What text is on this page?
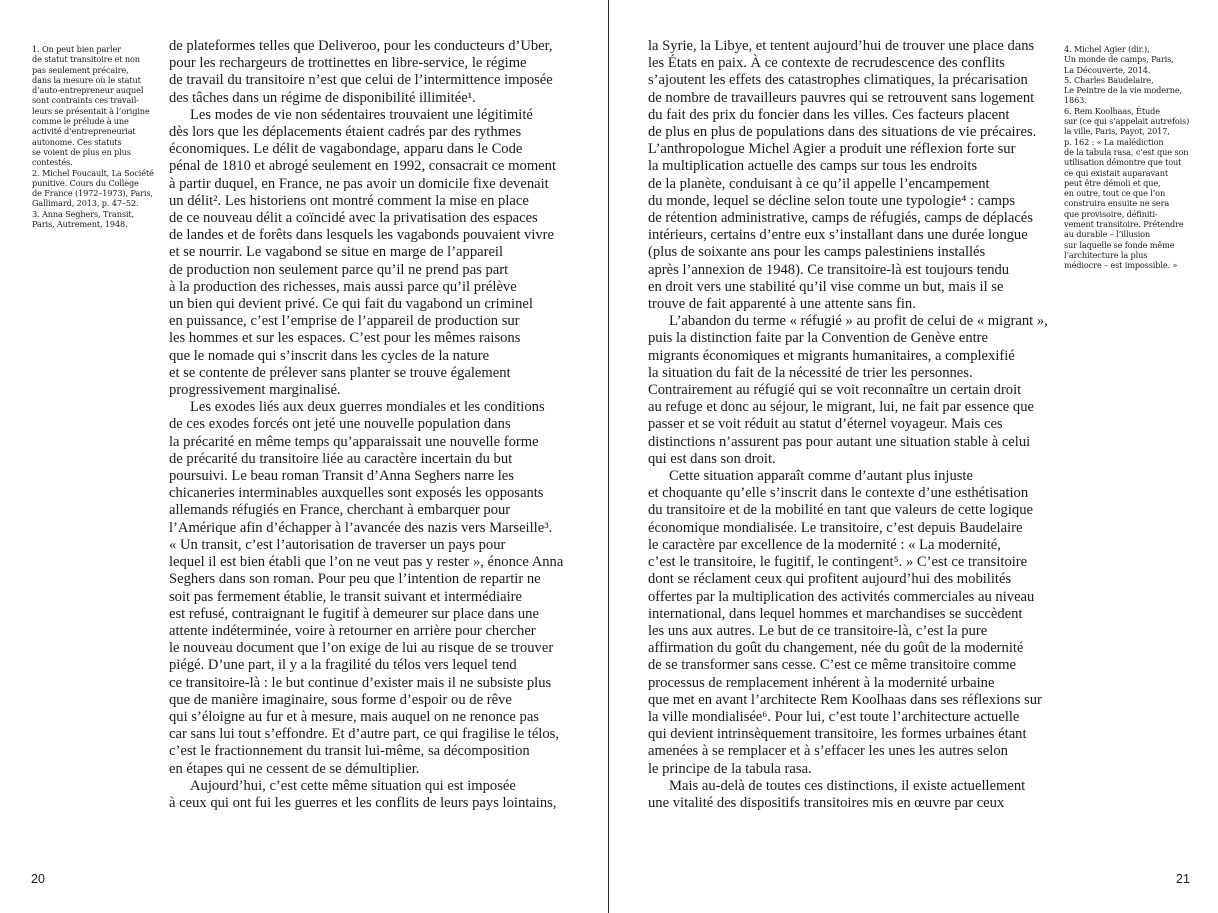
1. On peut bien parler
de statut transitoire et non
pas seulement précaire,
dans la mesure où le statut
d’auto-entrepreneur auquel
sont contraints ces travail-
leurs se présentait à l’origine
comme le prélude à une
activité d’entrepreneuriat
autonome. Ces statuts
se voient de plus en plus
contestés.
2. Michel Foucault, La Société
punitive. Cours du Collège
de France (1972–1973), Paris,
Gallimard, 2013, p. 47–52.
3. Anna Seghers, Transit,
Paris, Autrement, 1948.
de plateformes telles que Deliveroo, pour les conducteurs d’Uber,
pour les rechargeurs de trottinettes en libre-service, le régime
de travail du transitoire n’est que celui de l’intermittence imposée
des tâches dans un régime de disponibilité illimitée¹.
Les modes de vie non sédentaires trouvaient une légitimité
dès lors que les déplacements étaient cadrés par des rythmes
économiques. Le délit de vagabondage, apparu dans le Code
pénal de 1810 et abrogé seulement en 1992, consacrait ce moment
à partir duquel, en France, ne pas avoir un domicile fixe devenait
un délit². Les historiens ont montré comment la mise en place
de ce nouveau délit a coïncidé avec la privatisation des espaces
de landes et de forêts dans lesquels les vagabonds pouvaient vivre
et se nourrir. Le vagabond se situe en marge de l’appareil
de production non seulement parce qu’il ne prend pas part
à la production des richesses, mais aussi parce qu’il prélève
un bien qui devient privé. Ce qui fait du vagabond un criminel
en puissance, c’est l’emprise de l’appareil de production sur
les hommes et sur les espaces. C’est pour les mêmes raisons
que le nomade qui s’inscrit dans les cycles de la nature
et se contente de prélever sans planter se trouve également
progressivement marginalisé.
Les exodes liés aux deux guerres mondiales et les conditions
de ces exodes forcés ont jeté une nouvelle population dans
la précarité en même temps qu’apparaissait une nouvelle forme
de précarité du transitoire liée au caractère incertain du but
poursuivi. Le beau roman Transit d’Anna Seghers narre les
chicaneries interminables auxquelles sont exposés les opposants
allemands réfugiés en France, cherchant à embarquer pour
l’Amérique afin d’échapper à l’avancée des nazis vers Marseille³.
« Un transit, c’est l’autorisation de traverser un pays pour
lequel il est bien établi que l’on ne veut pas y rester », énonce Anna
Seghers dans son roman. Pour peu que l’intention de repartir ne
soit pas fermement établie, le transit suivant et intermédiaire
est refusé, contraignant le fugitif à demeurer sur place dans une
attente indéterminée, voire à retourner en arrière pour chercher
le nouveau document que l’on exige de lui au risque de se trouver
piégé. D’une part, il y a la fragilité du télos vers lequel tend
ce transitoire-là : le but continue d’exister mais il ne subsiste plus
que de manière imaginaire, sous forme d’espoir ou de rêve
qui s’éloigne au fur et à mesure, mais auquel on ne renonce pas
car sans lui tout s’effondre. Et d’autre part, ce qui fragilise le télos,
c’est le fractionnement du transit lui-même, sa décomposition
en étapes qui ne cessent de se démultiplier.
Aujourd’hui, c’est cette même situation qui est imposée
à ceux qui ont fui les guerres et les conflits de leurs pays lointains,
20
la Syrie, la Libye, et tentent aujourd’hui de trouver une place dans
les États en paix. À ce contexte de recrudescence des conflits
s’ajoutent les effets des catastrophes climatiques, la précarisation
de nombre de travailleurs pauvres qui se retrouvent sans logement
du fait des prix du foncier dans les villes. Ces facteurs placent
de plus en plus de populations dans des situations de vie précaires.
L’anthropologue Michel Agier a produit une réflexion forte sur
la multiplication actuelle des camps sur tous les endroits
de la planète, conduisant à ce qu’il appelle l’encampement
du monde, lequel se décline selon toute une typologie⁴ : camps
de rétention administrative, camps de réfugiés, camps de déplacés
intérieurs, certains d’entre eux s’installant dans une durée longue
(plus de soixante ans pour les camps palestiniens installés
après l’annexion de 1948). Ce transitoire-là est toujours tendu
en droit vers une stabilité qu’il vise comme un but, mais il se
trouve de fait apparenté à une attente sans fin.
L’abandon du terme « réfugié » au profit de celui de « migrant »,
puis la distinction faite par la Convention de Genève entre
migrants économiques et migrants humanitaires, a complexifié
la situation du fait de la nécessité de trier les personnes.
Contrairement au réfugié qui se voit reconnaître un certain droit
au refuge et donc au séjour, le migrant, lui, ne fait par essence que
passer et se voit réduit au statut d’éternel voyageur. Mais ces
distinctions n’assurent pas pour autant une situation stable à celui
qui est dans son droit.
Cette situation apparaît comme d’autant plus injuste
et choquante qu’elle s’inscrit dans le contexte d’une esthétisation
du transitoire et de la mobilité en tant que valeurs de cette logique
économique mondialisée. Le transitoire, c’est depuis Baudelaire
le caractère par excellence de la modernité : « La modernité,
c’est le transitoire, le fugitif, le contingent⁵. » C’est ce transitoire
dont se réclament ceux qui profitent aujourd’hui des mobilités
offertes par la multiplication des activités commerciales au niveau
international, dans lequel hommes et marchandises se succèdent
les uns aux autres. Le but de ce transitoire-là, c’est la pure
affirmation du goût du changement, née du goût de la modernité
de se transformer sans cesse. C’est ce même transitoire comme
processus de remplacement inhérent à la modernité urbaine
que met en avant l’architecte Rem Koolhaas dans ses réflexions sur
la ville mondialisée⁶. Pour lui, c’est toute l’architecture actuelle
qui devient intrinsèquement transitoire, les formes urbaines étant
amenées à se remplacer et à s’effacer les unes les autres selon
le principe de la tabula rasa.
Mais au-delà de toutes ces distinctions, il existe actuellement
une vitalité des dispositifs transitoires mis en œuvre par ceux
4. Michel Agier (dir.),
Un monde de camps, Paris,
La Découverte, 2014.
5. Charles Baudelaire,
Le Peintre de la vie moderne,
1863.
6. Rem Koolhaas, Étude
sur (ce qui s’appelait autrefois)
la ville, Paris, Payot, 2017,
p. 162 : « La malédiction
de la tabula rasa, c’est que son
utilisation démontre que tout
ce qui existait auparavant
peut être démoli et que,
en outre, tout ce que l’on
construira ensuite ne sera
que provisoire, définiti-
vement transitoire. Prétendre
au durable – l’illusion
sur laquelle se fonde même
l’architecture la plus
médiocre – est impossible. »
21
